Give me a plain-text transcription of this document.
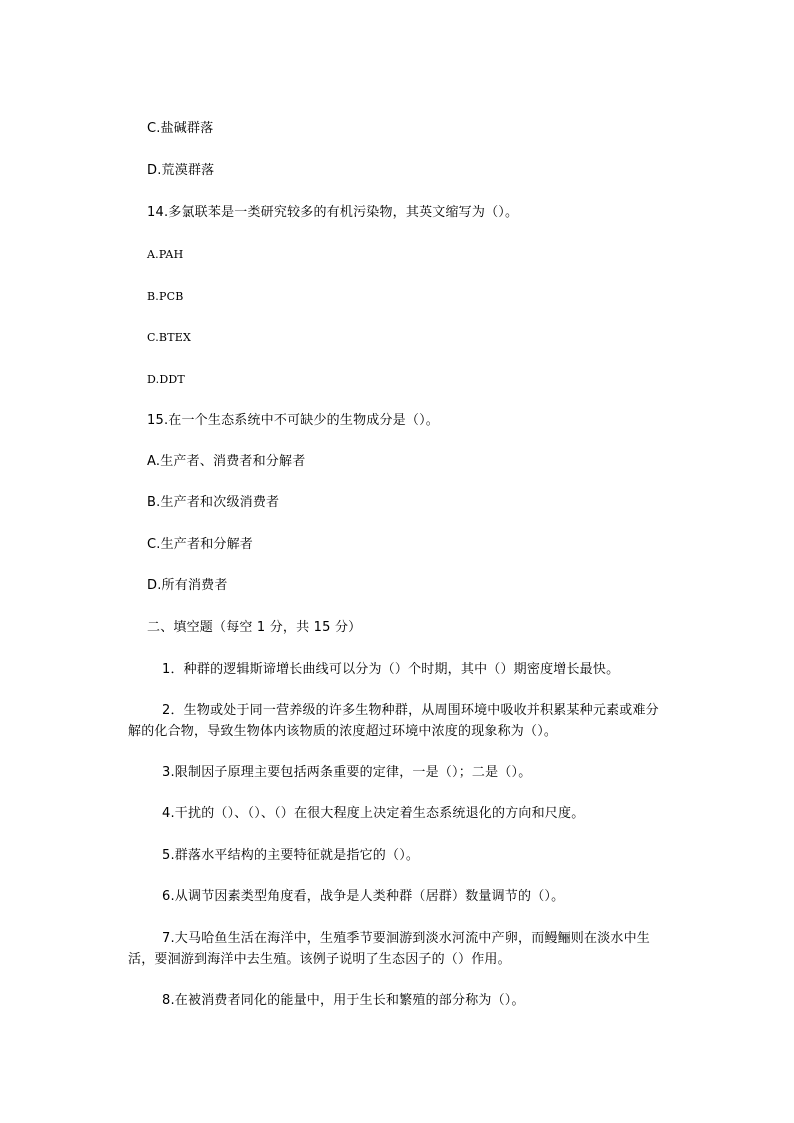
C.盐碱群落
D.荒漠群落
14.多氯联苯是一类研究较多的有机污染物，其英文缩写为（）。
A.PAH
B.PCB
C.BTEX
D.DDT
15.在一个生态系统中不可缺少的生物成分是（）。
A.生产者、消费者和分解者
B.生产者和次级消费者
C.生产者和分解者
D.所有消费者
二、填空题（每空 1 分，共 15 分）
1．种群的逻辑斯谛增长曲线可以分为（）个时期，其中（）期密度增长最快。
2．生物或处于同一营养级的许多生物种群，从周围环境中吸收并积累某种元素或难分
解的化合物，导致生物体内该物质的浓度超过环境中浓度的现象称为（）。
3.限制因子原理主要包括两条重要的定律，一是（）；二是（）。
4.干扰的（）、（）、（）在很大程度上决定着生态系统退化的方向和尺度。
5.群落水平结构的主要特征就是指它的（）。
6.从调节因素类型角度看，战争是人类种群（居群）数量调节的（）。
7.大马哈鱼生活在海洋中，生殖季节要洄游到淡水河流中产卵，而鳗鲡则在淡水中生
活，要洄游到海洋中去生殖。该例子说明了生态因子的（）作用。
8.在被消费者同化的能量中，用于生长和繁殖的部分称为（）。
